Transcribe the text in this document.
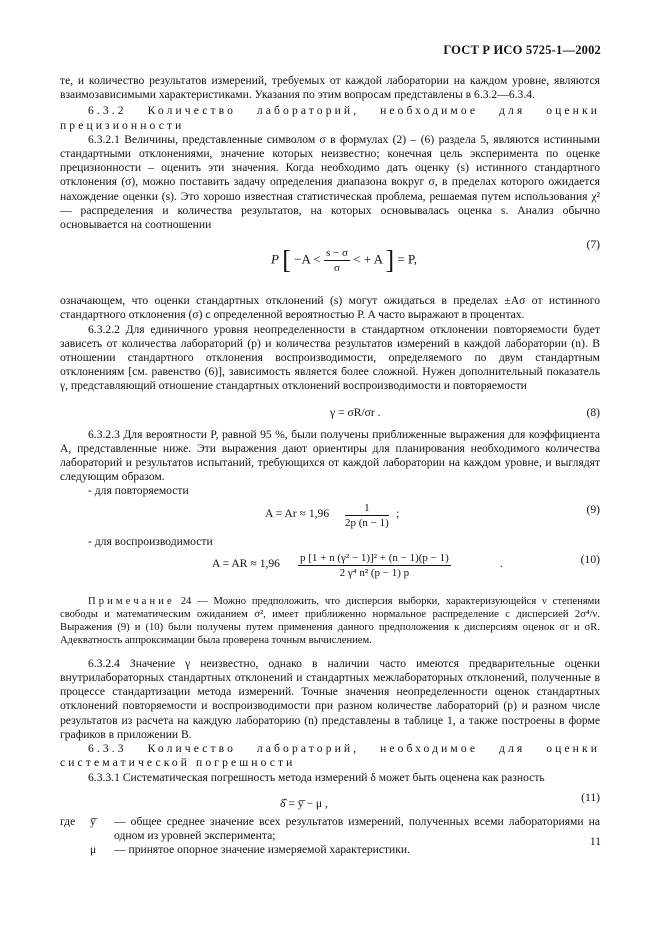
ГОСТ Р ИСО 5725-1—2002

те, и количество результатов измерений, требуемых от каждой лаборатории на каждом уровне, являются взаимозависимыми характеристиками. Указания по этим вопросам представлены в 6.3.2—6.3.4.

6.3.2 Количество лабораторий, необходимое для оценки прецизионности

6.3.2.1 Величины, представленные символом σ в формулах (2) – (6) раздела 5, являются истинными стандартными отклонениями, значение которых неизвестно; конечная цель эксперимента по оценке прецизионности – оценить эти значения. Когда необходимо дать оценку (s) истинного стандартного отклонения (σ), можно поставить задачу определения диапазона вокруг σ, в пределах которого ожидается нахождение оценки (s). Это хорошо известная статистическая проблема, решаемая путем использования χ² — распределения и количества результатов, на которых основывалась оценка s. Анализ обычно основывается на соотношении

P [ $-A < \frac{s - \sigma}{\sigma}$ < + A ] = P,
(7)

означающем, что оценки стандартных отклонений (s) могут ожидаться в пределах ±Aσ от истинного стандартного отклонения (σ) с определенной вероятностью P. A часто выражают в процентах.

6.3.2.2 Для единичного уровня неопределенности в стандартном отклонении повторяемости будет зависеть от количества лабораторий (p) и количества результатов измерений в каждой лаборатории (n). В отношении стандартного отклонения воспроизводимости, определяемого по двум стандартным отклонениям [см. равенство (6)], зависимость является более сложной. Нужен дополнительный показатель γ, представляющий отношение стандартных отклонений воспроизводимости и повторяемости

γ = σR/σr .	(8)

6.3.2.3 Для вероятности P, равной 95 %, были получены приближенные выражения для коэффициента A, представленные ниже. Эти выражения дают ориентиры для планирования необходимого количества лабораторий и результатов испытаний, требующихся от каждой лаборатории на каждом уровне, и выглядят следующим образом.

- для повторяемости

$A = Ar \approx 1,96 \frac{1}{2p (n - 1)}$ ;	(9)

- для воспроизводимости

A = AR ≈ $1,96 \frac{\text{p [1 + n (γ² − 1)]² + (n − 1)(p − 1)}}{\text{2 γ⁴ n² (p − 1) p}}$	.	(10)

Примечание 24 — Можно предположить, что дисперсия выборки, характеризующейся ν степенями свободы и математическим ожиданием σ², имеет приближенно нормальное распределение с дисперсией 2σ⁴/ν. Выражения (9) и (10) были получены путем применения данного предположения к дисперсиям оценок σr и σR. Адекватность аппроксимации была проверена точным вычислением.

6.3.2.4 Значение γ неизвестно, однако в наличии часто имеются предварительные оценки внутрилабораторных стандартных отклонений и стандартных межлабораторных отклонений, полученные в процессе стандартизации метода измерений. Точные значения неопределенности оценок стандартных отклонений повторяемости и воспроизводимости при разном количестве лабораторий (p) и разном числе результатов из расчета на каждую лабораторию (n) представлены в таблице 1, а также построены в форме графиков в приложении В.

6.3.3 Количество лабораторий, необходимое для оценки систематической погрешности

6.3.3.1 Систематическая погрешность метода измерений δ может быть оценена как разность

δ̂ = ȳ̄ − μ ,	(11)
где	ȳ̄	— общее среднее значение всех результатов измерений, полученных всеми лабораториями на одном из уровней эксперимента;
	μ	— принятое опорное значение измеряемой характеристики.
11
